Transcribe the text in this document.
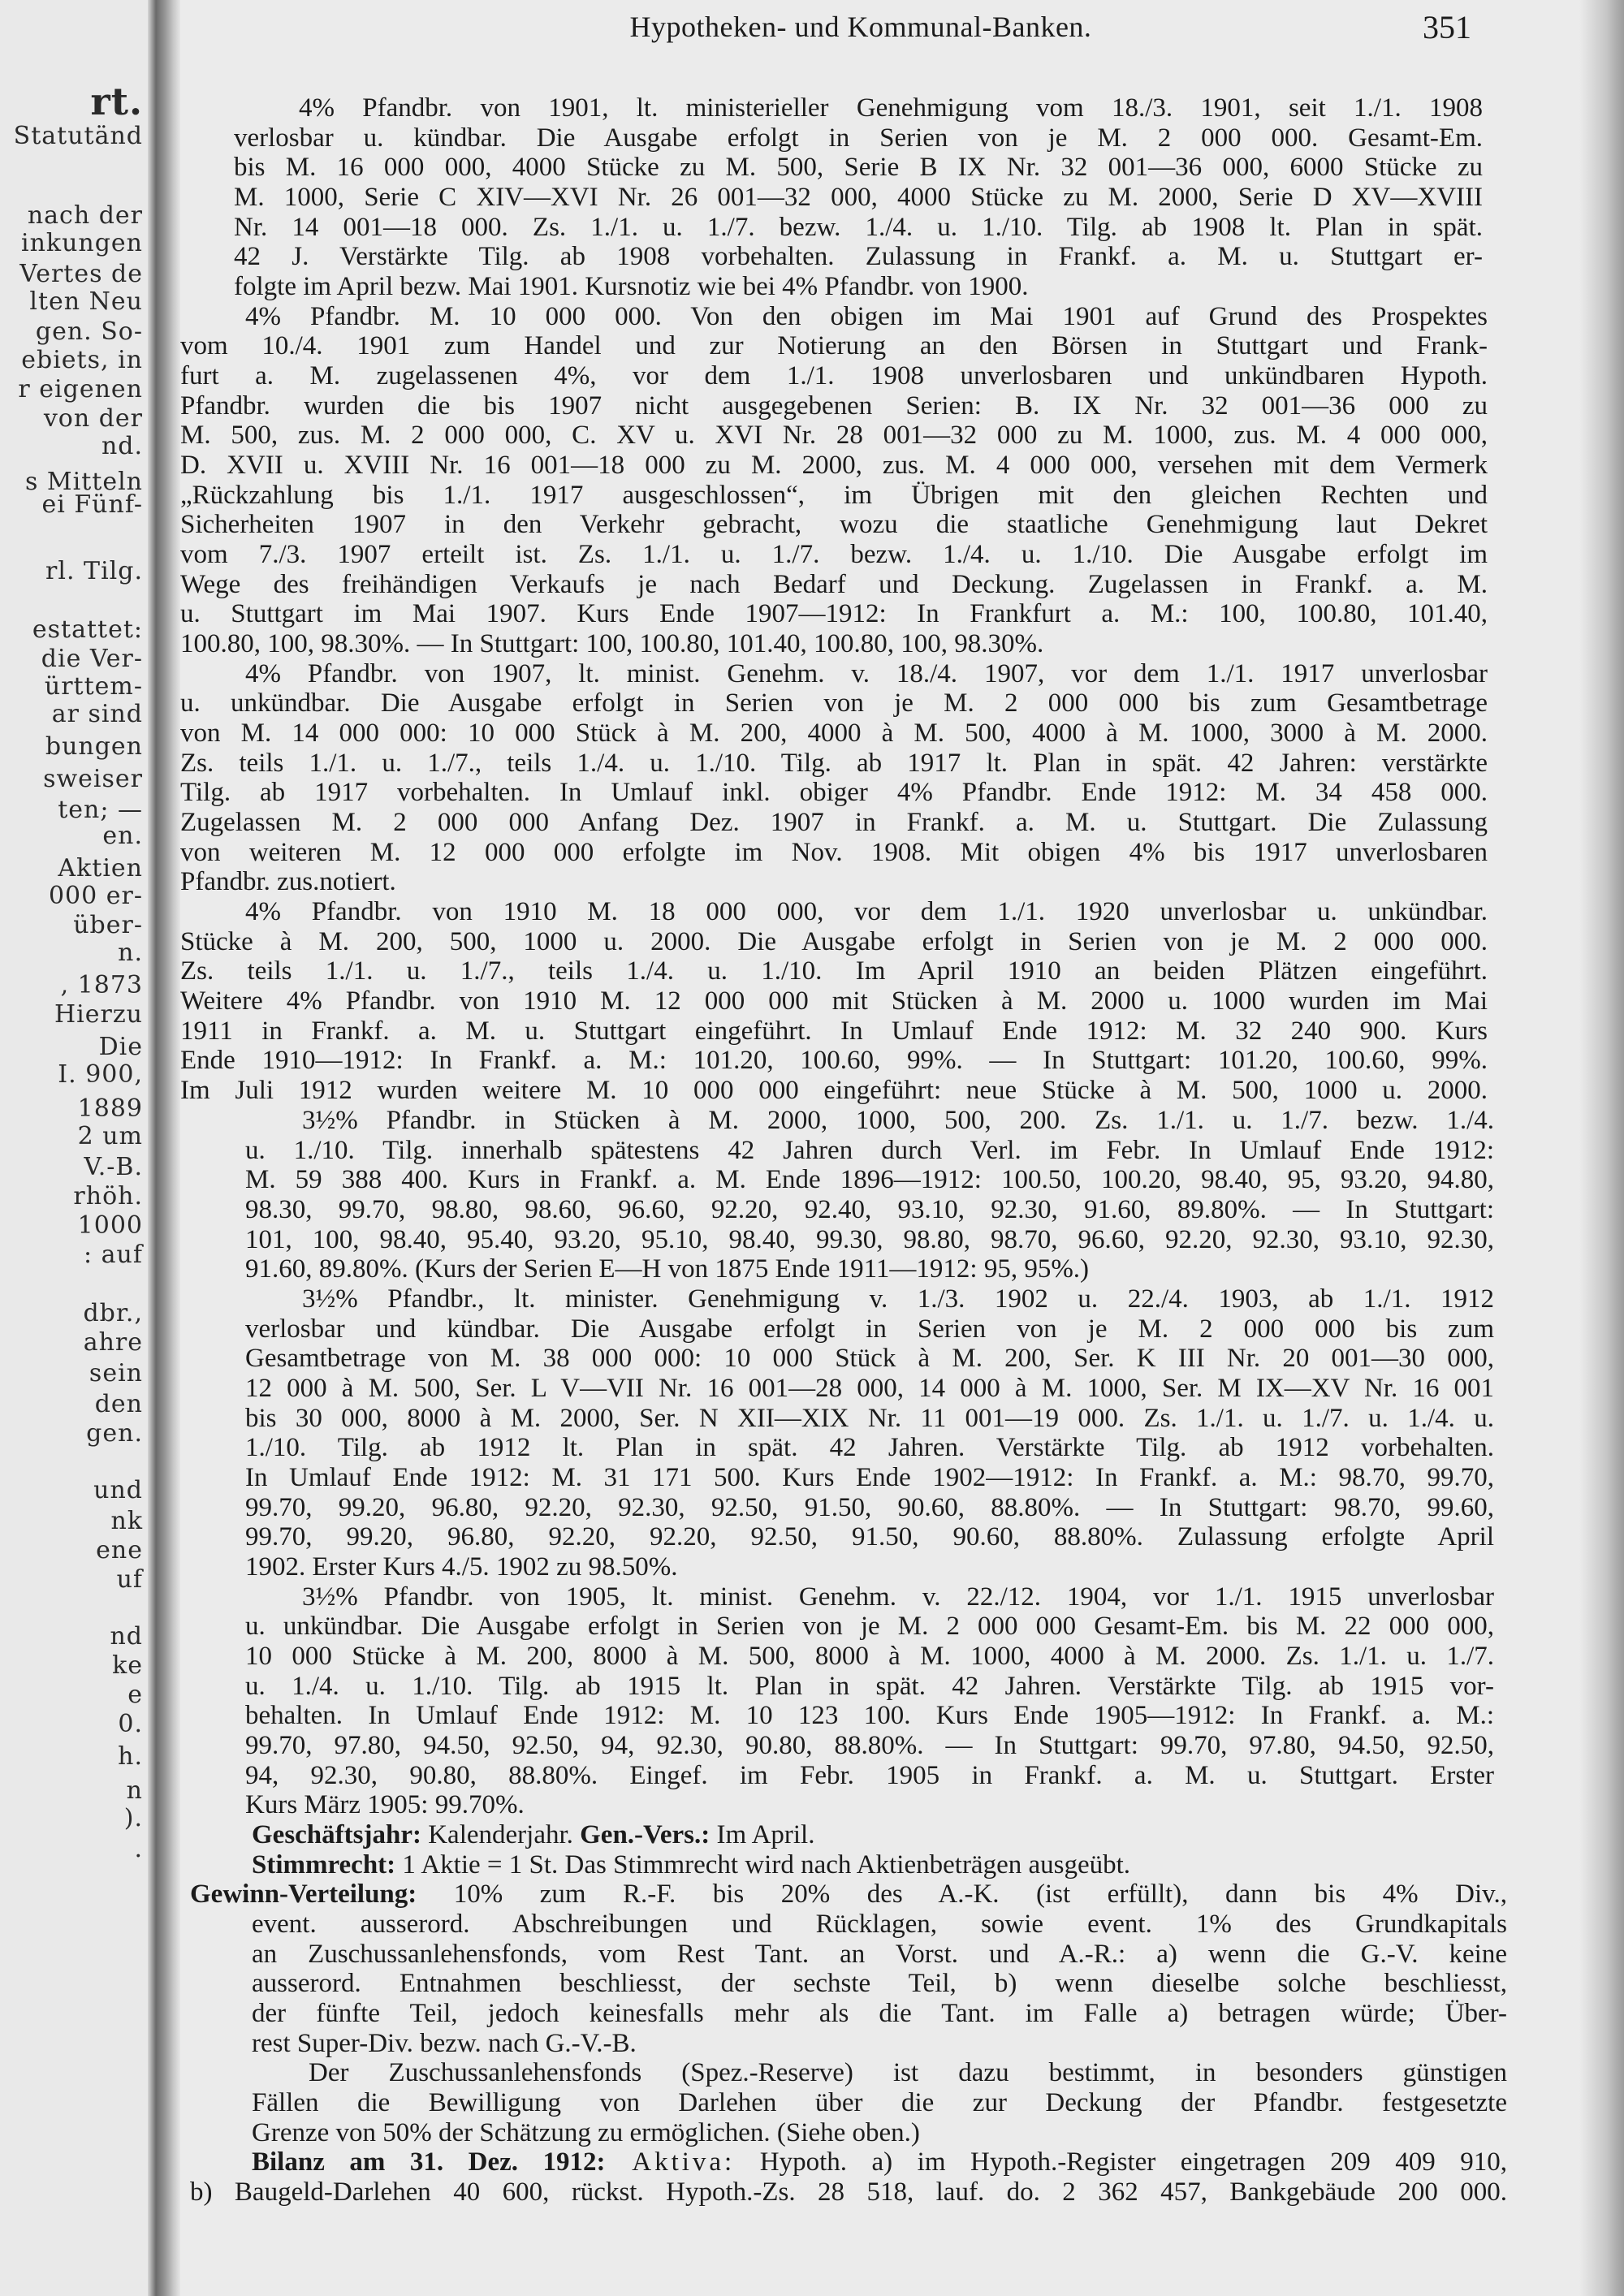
rt.
Statutänd
nach der
inkungen
Vertes de
lten Neu
gen. So-
ebiets, in
r eigenen
von der
nd.
s Mitteln
ei Fünf-
rl. Tilg.
estattet:
die Ver-
ürttem-
ar sind
bungen
sweiser
ten; —
en.
Aktien
000 er-
über-
n.
, 1873
Hierzu
Die
I. 900,
1889
2 um
V.-B.
rhöh.
1000
: auf
dbr.,
ahre
sein
den
gen.
und
nk
ene
uf
nd
ke
e
0.
h.
n
).
.
Hypotheken- und Kommunal-Banken.	351
4% Pfandbr. von 1901, lt. ministerieller Genehmigung vom 18./3. 1901, seit 1./1. 1908
verlosbar u. kündbar. Die Ausgabe erfolgt in Serien von je M. 2 000 000. Gesamt-Em.
bis M. 16 000 000, 4000 Stücke zu M. 500, Serie B IX Nr. 32 001—36 000, 6000 Stücke zu
M. 1000, Serie C XIV—XVI Nr. 26 001—32 000, 4000 Stücke zu M. 2000, Serie D XV—XVIII
Nr. 14 001—18 000. Zs. 1./1. u. 1./7. bezw. 1./4. u. 1./10. Tilg. ab 1908 lt. Plan in spät.
42 J. Verstärkte Tilg. ab 1908 vorbehalten. Zulassung in Frankf. a. M. u. Stuttgart er-
folgte im April bezw. Mai 1901. Kursnotiz wie bei 4% Pfandbr. von 1900.
4% Pfandbr. M. 10 000 000. Von den obigen im Mai 1901 auf Grund des Prospektes
vom 10./4. 1901 zum Handel und zur Notierung an den Börsen in Stuttgart und Frank-
furt a. M. zugelassenen 4%, vor dem 1./1. 1908 unverlosbaren und unkündbaren Hypoth.
Pfandbr. wurden die bis 1907 nicht ausgegebenen Serien: B. IX Nr. 32 001—36 000 zu
M. 500, zus. M. 2 000 000, C. XV u. XVI Nr. 28 001—32 000 zu M. 1000, zus. M. 4 000 000,
D. XVII u. XVIII Nr. 16 001—18 000 zu M. 2000, zus. M. 4 000 000, versehen mit dem Vermerk
„Rückzahlung bis 1./1. 1917 ausgeschlossen“, im Übrigen mit den gleichen Rechten und
Sicherheiten 1907 in den Verkehr gebracht, wozu die staatliche Genehmigung laut Dekret
vom 7./3. 1907 erteilt ist. Zs. 1./1. u. 1./7. bezw. 1./4. u. 1./10. Die Ausgabe erfolgt im
Wege des freihändigen Verkaufs je nach Bedarf und Deckung. Zugelassen in Frankf. a. M.
u. Stuttgart im Mai 1907. Kurs Ende 1907—1912: In Frankfurt a. M.: 100, 100.80, 101.40,
100.80, 100, 98.30%. — In Stuttgart: 100, 100.80, 101.40, 100.80, 100, 98.30%.
4% Pfandbr. von 1907, lt. minist. Genehm. v. 18./4. 1907, vor dem 1./1. 1917 unverlosbar
u. unkündbar. Die Ausgabe erfolgt in Serien von je M. 2 000 000 bis zum Gesamtbetrage
von M. 14 000 000: 10 000 Stück à M. 200, 4000 à M. 500, 4000 à M. 1000, 3000 à M. 2000.
Zs. teils 1./1. u. 1./7., teils 1./4. u. 1./10. Tilg. ab 1917 lt. Plan in spät. 42 Jahren: verstärkte
Tilg. ab 1917 vorbehalten. In Umlauf inkl. obiger 4% Pfandbr. Ende 1912: M. 34 458 000.
Zugelassen M. 2 000 000 Anfang Dez. 1907 in Frankf. a. M. u. Stuttgart. Die Zulassung
von weiteren M. 12 000 000 erfolgte im Nov. 1908. Mit obigen 4% bis 1917 unverlosbaren
Pfandbr. zus.notiert.
4% Pfandbr. von 1910 M. 18 000 000, vor dem 1./1. 1920 unverlosbar u. unkündbar.
Stücke à M. 200, 500, 1000 u. 2000. Die Ausgabe erfolgt in Serien von je M. 2 000 000.
Zs. teils 1./1. u. 1./7., teils 1./4. u. 1./10. Im April 1910 an beiden Plätzen eingeführt.
Weitere 4% Pfandbr. von 1910 M. 12 000 000 mit Stücken à M. 2000 u. 1000 wurden im Mai
1911 in Frankf. a. M. u. Stuttgart eingeführt. In Umlauf Ende 1912: M. 32 240 900. Kurs
Ende 1910—1912: In Frankf. a. M.: 101.20, 100.60, 99%. — In Stuttgart: 101.20, 100.60, 99%.
Im Juli 1912 wurden weitere M. 10 000 000 eingeführt: neue Stücke à M. 500, 1000 u. 2000.
3½% Pfandbr. in Stücken à M. 2000, 1000, 500, 200. Zs. 1./1. u. 1./7. bezw. 1./4.
u. 1./10. Tilg. innerhalb spätestens 42 Jahren durch Verl. im Febr. In Umlauf Ende 1912:
M. 59 388 400. Kurs in Frankf. a. M. Ende 1896—1912: 100.50, 100.20, 98.40, 95, 93.20, 94.80,
98.30, 99.70, 98.80, 98.60, 96.60, 92.20, 92.40, 93.10, 92.30, 91.60, 89.80%. — In Stuttgart:
101, 100, 98.40, 95.40, 93.20, 95.10, 98.40, 99.30, 98.80, 98.70, 96.60, 92.20, 92.30, 93.10, 92.30,
91.60, 89.80%. (Kurs der Serien E—H von 1875 Ende 1911—1912: 95, 95%.)
3½% Pfandbr., lt. minister. Genehmigung v. 1./3. 1902 u. 22./4. 1903, ab 1./1. 1912
verlosbar und kündbar. Die Ausgabe erfolgt in Serien von je M. 2 000 000 bis zum
Gesamtbetrage von M. 38 000 000: 10 000 Stück à M. 200, Ser. K III Nr. 20 001—30 000,
12 000 à M. 500, Ser. L V—VII Nr. 16 001—28 000, 14 000 à M. 1000, Ser. M IX—XV Nr. 16 001
bis 30 000, 8000 à M. 2000, Ser. N XII—XIX Nr. 11 001—19 000. Zs. 1./1. u. 1./7. u. 1./4. u.
1./10. Tilg. ab 1912 lt. Plan in spät. 42 Jahren. Verstärkte Tilg. ab 1912 vorbehalten.
In Umlauf Ende 1912: M. 31 171 500. Kurs Ende 1902—1912: In Frankf. a. M.: 98.70, 99.70,
99.70, 99.20, 96.80, 92.20, 92.30, 92.50, 91.50, 90.60, 88.80%. — In Stuttgart: 98.70, 99.60,
99.70, 99.20, 96.80, 92.20, 92.20, 92.50, 91.50, 90.60, 88.80%. Zulassung erfolgte April
1902. Erster Kurs 4./5. 1902 zu 98.50%.
3½% Pfandbr. von 1905, lt. minist. Genehm. v. 22./12. 1904, vor 1./1. 1915 unverlosbar
u. unkündbar. Die Ausgabe erfolgt in Serien von je M. 2 000 000 Gesamt-Em. bis M. 22 000 000,
10 000 Stücke à M. 200, 8000 à M. 500, 8000 à M. 1000, 4000 à M. 2000. Zs. 1./1. u. 1./7.
u. 1./4. u. 1./10. Tilg. ab 1915 lt. Plan in spät. 42 Jahren. Verstärkte Tilg. ab 1915 vor-
behalten. In Umlauf Ende 1912: M. 10 123 100. Kurs Ende 1905—1912: In Frankf. a. M.:
99.70, 97.80, 94.50, 92.50, 94, 92.30, 90.80, 88.80%. — In Stuttgart: 99.70, 97.80, 94.50, 92.50,
94, 92.30, 90.80, 88.80%. Eingef. im Febr. 1905 in Frankf. a. M. u. Stuttgart. Erster
Kurs März 1905: 99.70%.
Geschäftsjahr: Kalenderjahr. Gen.-Vers.: Im April.
Stimmrecht: 1 Aktie = 1 St. Das Stimmrecht wird nach Aktienbeträgen ausgeübt.
Gewinn-Verteilung: 10% zum R.-F. bis 20% des A.-K. (ist erfüllt), dann bis 4% Div.,
event. ausserord. Abschreibungen und Rücklagen, sowie event. 1% des Grundkapitals
an Zuschussanlehensfonds, vom Rest Tant. an Vorst. und A.-R.: a) wenn die G.-V. keine
ausserord. Entnahmen beschliesst, der sechste Teil, b) wenn dieselbe solche beschliesst,
der fünfte Teil, jedoch keinesfalls mehr als die Tant. im Falle a) betragen würde; Über-
rest Super-Div. bezw. nach G.-V.-B.
Der Zuschussanlehensfonds (Spez.-Reserve) ist dazu bestimmt, in besonders günstigen
Fällen die Bewilligung von Darlehen über die zur Deckung der Pfandbr. festgesetzte
Grenze von 50% der Schätzung zu ermöglichen. (Siehe oben.)
Bilanz am 31. Dez. 1912: Aktiva: Hypoth. a) im Hypoth.-Register eingetragen 209 409 910,
b) Baugeld-Darlehen 40 600, rückst. Hypoth.-Zs. 28 518, lauf. do. 2 362 457, Bankgebäude 200 000.
